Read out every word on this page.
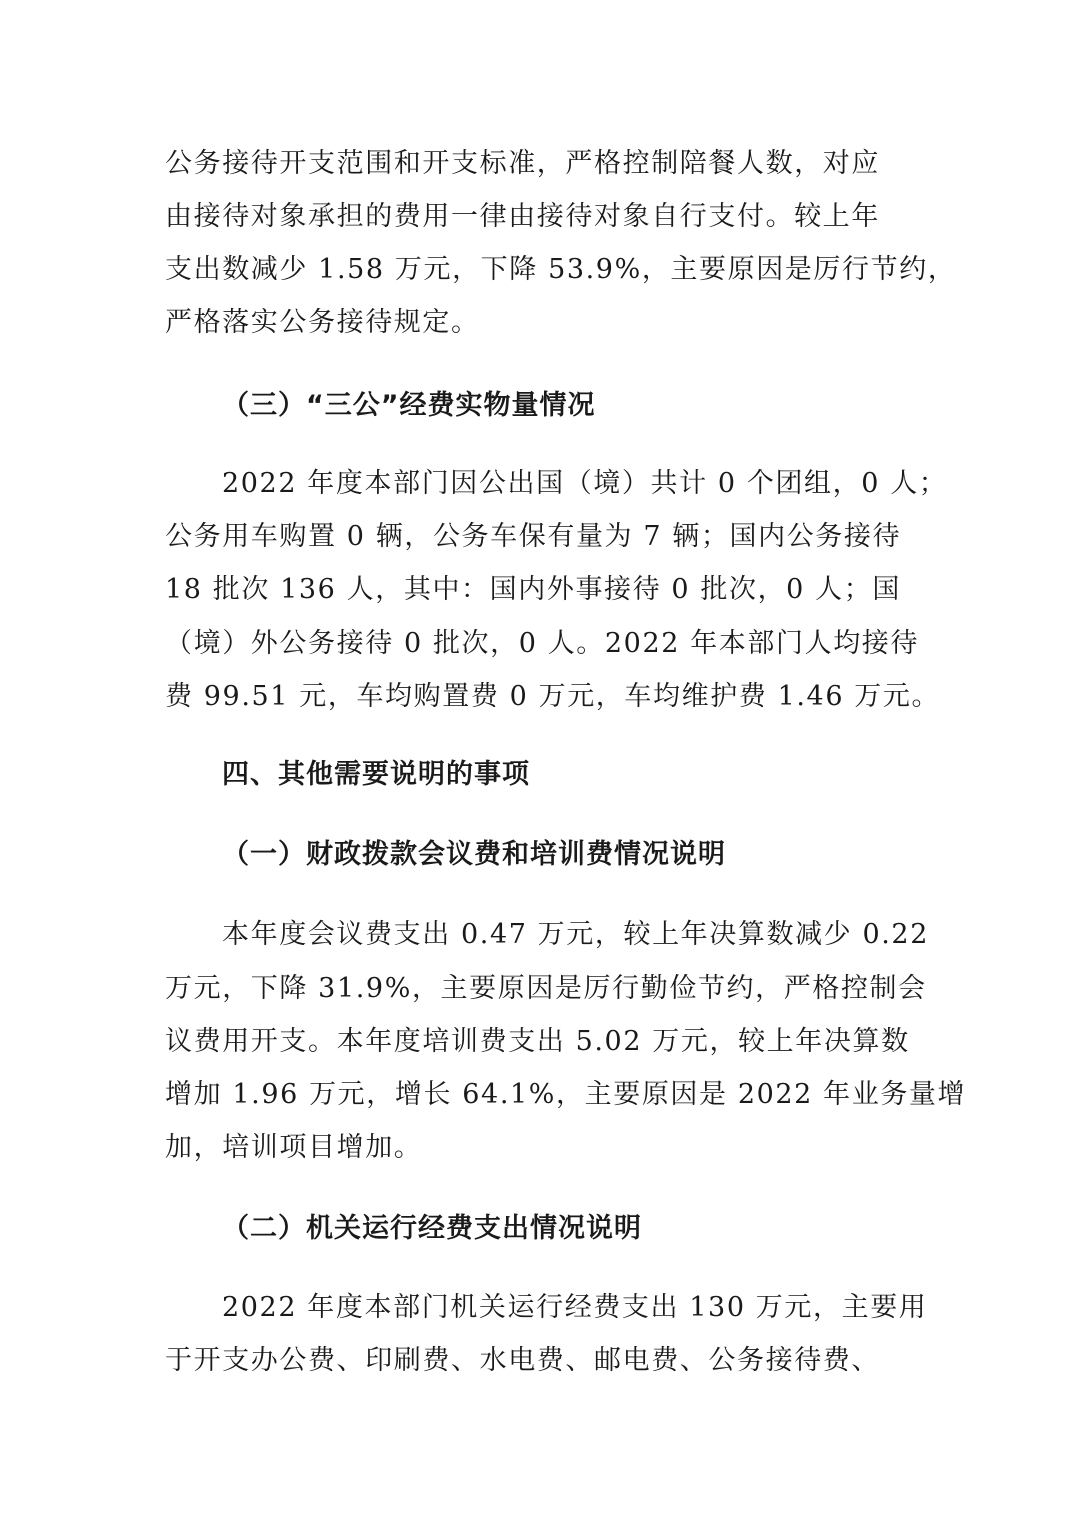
公务接待开支范围和开支标准，严格控制陪餐人数，对应
由接待对象承担的费用一律由接待对象自行支付。较上年
支出数减少 1.58 万元，下降 53.9%，主要原因是厉行节约，
严格落实公务接待规定。
（三）“三公”经费实物量情况
2022 年度本部门因公出国（境）共计 0 个团组，0 人；
公务用车购置 0 辆，公务车保有量为 7 辆；国内公务接待
18 批次 136 人，其中：国内外事接待 0 批次，0 人；国
（境）外公务接待 0 批次，0 人。2022 年本部门人均接待
费 99.51 元，车均购置费 0 万元，车均维护费 1.46 万元。
四、其他需要说明的事项
（一）财政拨款会议费和培训费情况说明
本年度会议费支出 0.47 万元，较上年决算数减少 0.22
万元，下降 31.9%，主要原因是厉行勤俭节约，严格控制会
议费用开支。本年度培训费支出 5.02 万元，较上年决算数
增加 1.96 万元，增长 64.1%，主要原因是 2022 年业务量增
加，培训项目增加。
（二）机关运行经费支出情况说明
2022 年度本部门机关运行经费支出 130 万元，主要用
于开支办公费、印刷费、水电费、邮电费、公务接待费、
